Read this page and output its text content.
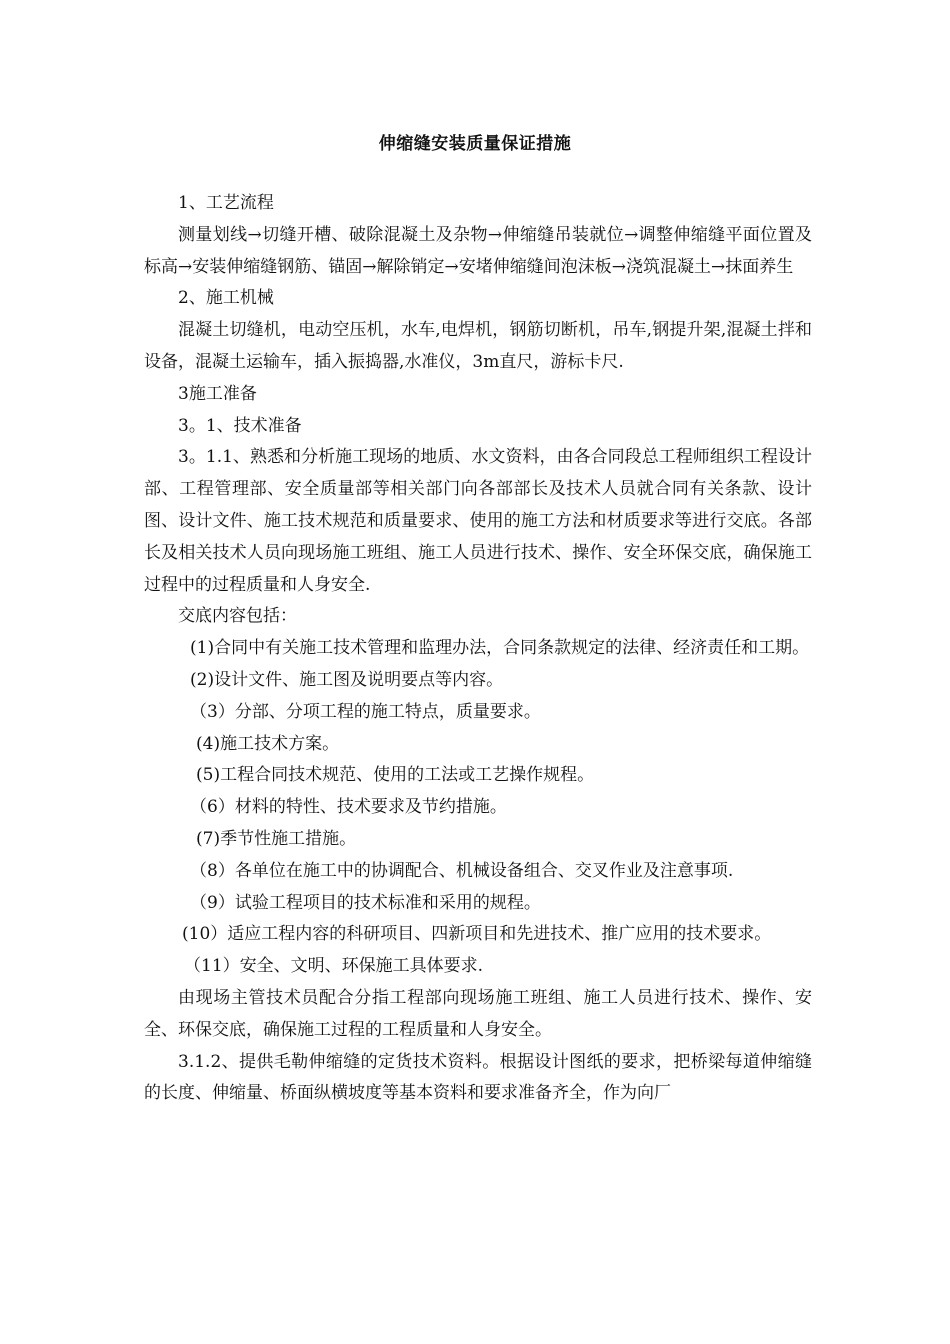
伸缩缝安装质量保证措施

1、工艺流程

测量划线→切缝开槽、破除混凝土及杂物→伸缩缝吊装就位→调整伸缩缝平面位置及标高→安装伸缩缝钢筋、锚固→解除销定→安堵伸缩缝间泡沫板→浇筑混凝土→抹面养生

2、施工机械

混凝土切缝机，电动空压机，水车,电焊机，钢筋切断机，吊车,钢提升架,混凝土拌和设备，混凝土运输车，插入振捣器,水准仪，3m直尺，游标卡尺.

3施工准备

3。1、技术准备

3。1.1、熟悉和分析施工现场的地质、水文资料，由各合同段总工程师组织工程设计部、工程管理部、安全质量部等相关部门向各部部长及技术人员就合同有关条款、设计图、设计文件、施工技术规范和质量要求、使用的施工方法和材质要求等进行交底。各部长及相关技术人员向现场施工班组、施工人员进行技术、操作、安全环保交底，确保施工过程中的过程质量和人身安全.

交底内容包括：

(1)合同中有关施工技术管理和监理办法，合同条款规定的法律、经济责任和工期。

(2)设计文件、施工图及说明要点等内容。

（3）分部、分项工程的施工特点，质量要求。

(4)施工技术方案。

(5)工程合同技术规范、使用的工法或工艺操作规程。

（6）材料的特性、技术要求及节约措施。

(7)季节性施工措施。

（8）各单位在施工中的协调配合、机械设备组合、交叉作业及注意事项.

（9）试验工程项目的技术标准和采用的规程。

(10）适应工程内容的科研项目、四新项目和先进技术、推广应用的技术要求。

（11）安全、文明、环保施工具体要求.

由现场主管技术员配合分指工程部向现场施工班组、施工人员进行技术、操作、安全、环保交底，确保施工过程的工程质量和人身安全。

3.1.2、提供毛勒伸缩缝的定货技术资料。根据设计图纸的要求，把桥梁每道伸缩缝的长度、伸缩量、桥面纵横坡度等基本资料和要求准备齐全，作为向厂
